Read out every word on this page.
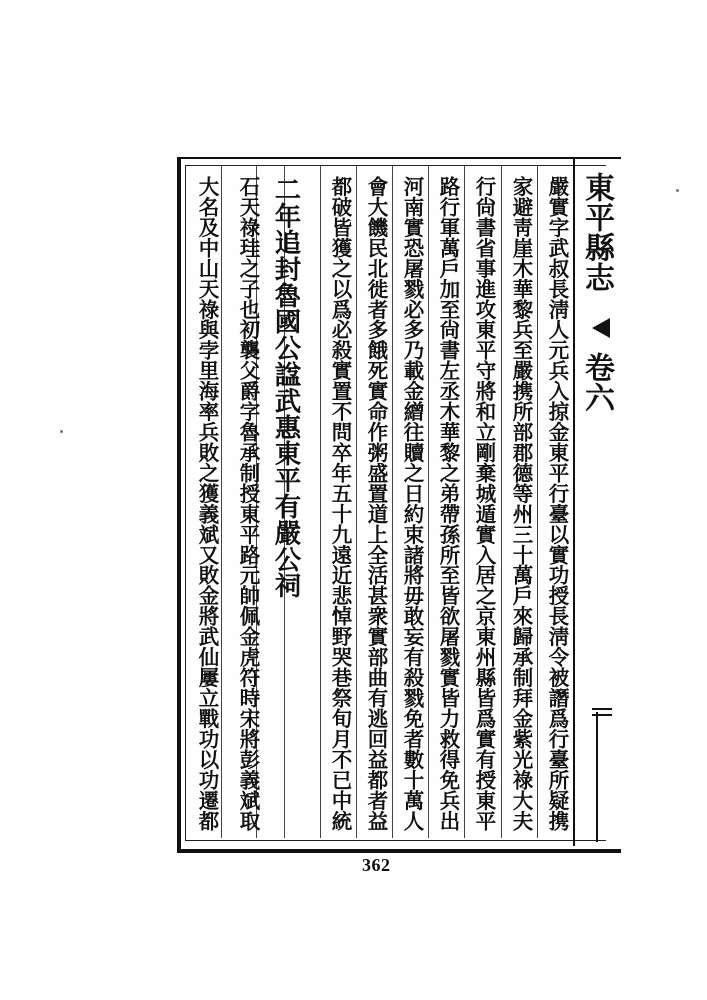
東平縣志
卷六
嚴實字武叔長淸人元兵入掠金東平行臺以實功授長淸令被譖爲行臺所疑携
家避靑崖木華黎兵至嚴携所部郡德等州三十萬戶來歸承制拜金紫光祿大夫
行尙書省事進攻東平守將和立剛棄城遁實入居之京東州縣皆爲實有授東平
路行軍萬戶加至尙書左丞木華黎之弟帶孫所至皆欲屠戮實皆力救得免兵出
河南實恐屠戮必多乃載金繒往贖之日約束諸將毋敢妄有殺戮免者數十萬人
會大饑民北徙者多餓死實命作粥盛置道上全活甚衆實部曲有逃回益都者益
都破皆獲之以爲必殺實置不問卒年五十九遠近悲悼野哭巷祭旬月不已中統
二年追封魯國公諡武惠東平有嚴公祠
石天祿珪之子也初襲父爵字魯承制授東平路元帥佩金虎符時宋將彭義斌取
大名及中山天祿與孛里海率兵敗之獲義斌又敗金將武仙屢立戰功以功遷都
362
